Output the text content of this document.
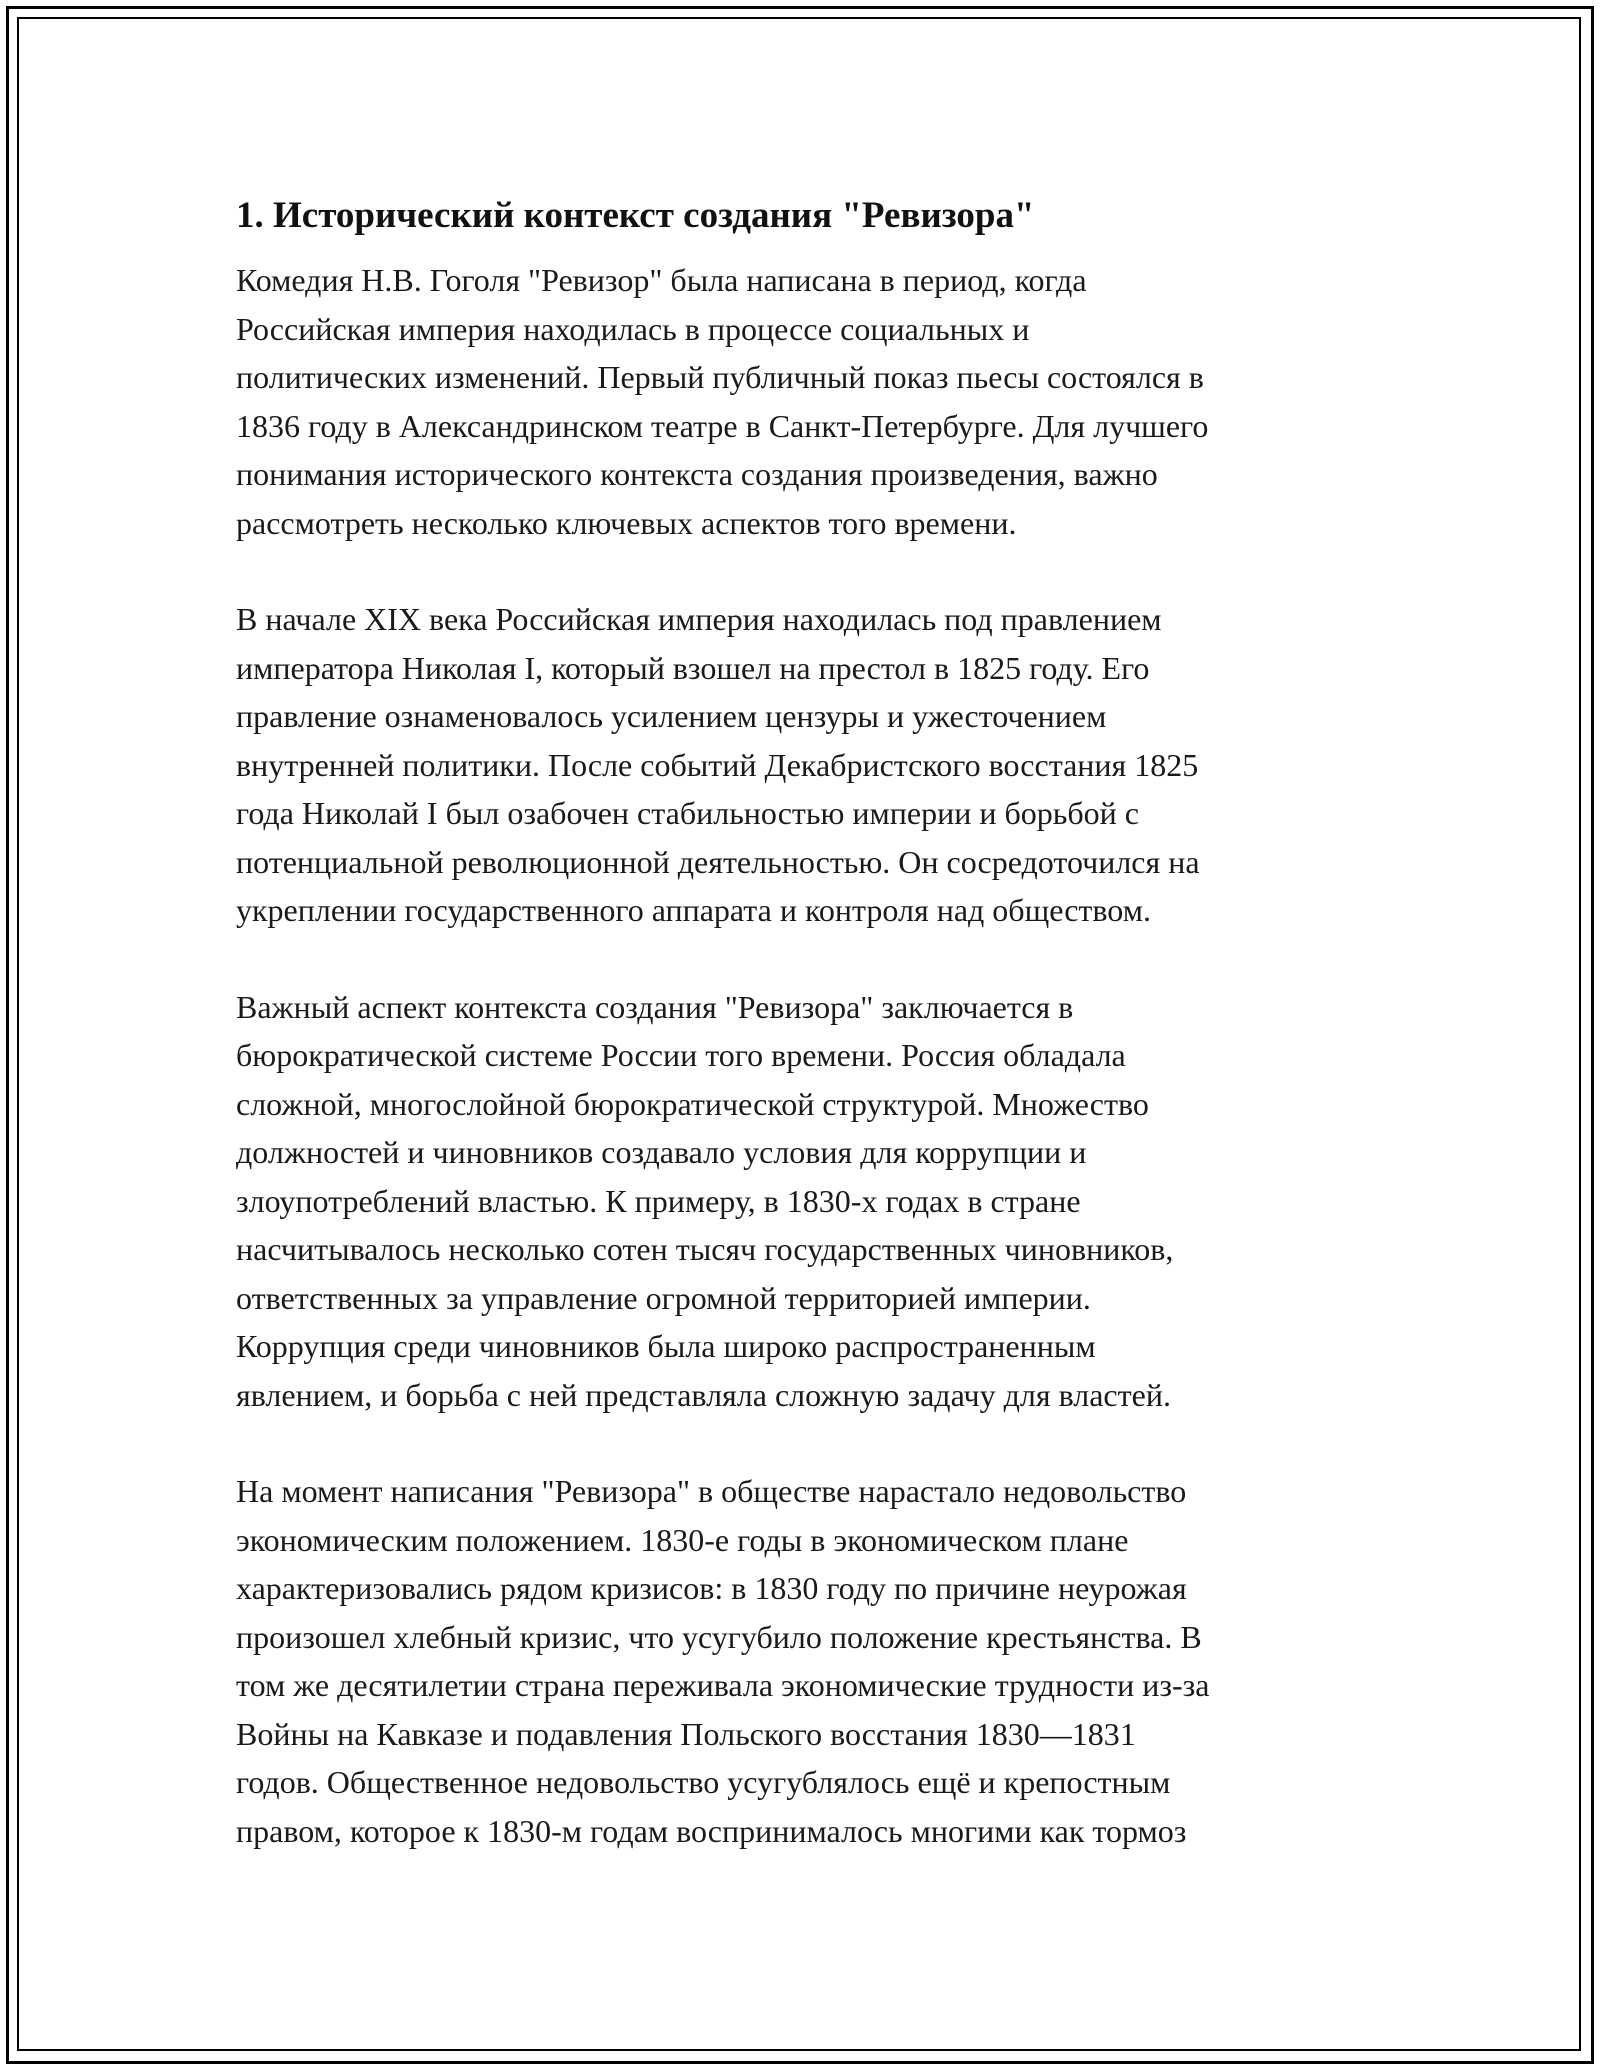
1. Исторический контекст создания "Ревизора"
Комедия Н.В. Гоголя "Ревизор" была написана в период, когда
Российская империя находилась в процессе социальных и
политических изменений. Первый публичный показ пьесы состоялся в
1836 году в Александринском театре в Санкт-Петербурге. Для лучшего
понимания исторического контекста создания произведения, важно
рассмотреть несколько ключевых аспектов того времени.
В начале XIX века Российская империя находилась под правлением
императора Николая I, который взошел на престол в 1825 году. Его
правление ознаменовалось усилением цензуры и ужесточением
внутренней политики. После событий Декабристского восстания 1825
года Николай I был озабочен стабильностью империи и борьбой с
потенциальной революционной деятельностью. Он сосредоточился на
укреплении государственного аппарата и контроля над обществом.
Важный аспект контекста создания "Ревизора" заключается в
бюрократической системе России того времени. Россия обладала
сложной, многослойной бюрократической структурой. Множество
должностей и чиновников создавало условия для коррупции и
злоупотреблений властью. К примеру, в 1830-х годах в стране
насчитывалось несколько сотен тысяч государственных чиновников,
ответственных за управление огромной территорией империи.
Коррупция среди чиновников была широко распространенным
явлением, и борьба с ней представляла сложную задачу для властей.
На момент написания "Ревизора" в обществе нарастало недовольство
экономическим положением. 1830-е годы в экономическом плане
характеризовались рядом кризисов: в 1830 году по причине неурожая
произошел хлебный кризис, что усугубило положение крестьянства. В
том же десятилетии страна переживала экономические трудности из-за
Войны на Кавказе и подавления Польского восстания 1830—1831
годов. Общественное недовольство усугублялось ещё и крепостным
правом, которое к 1830-м годам воспринималось многими как тормоз
